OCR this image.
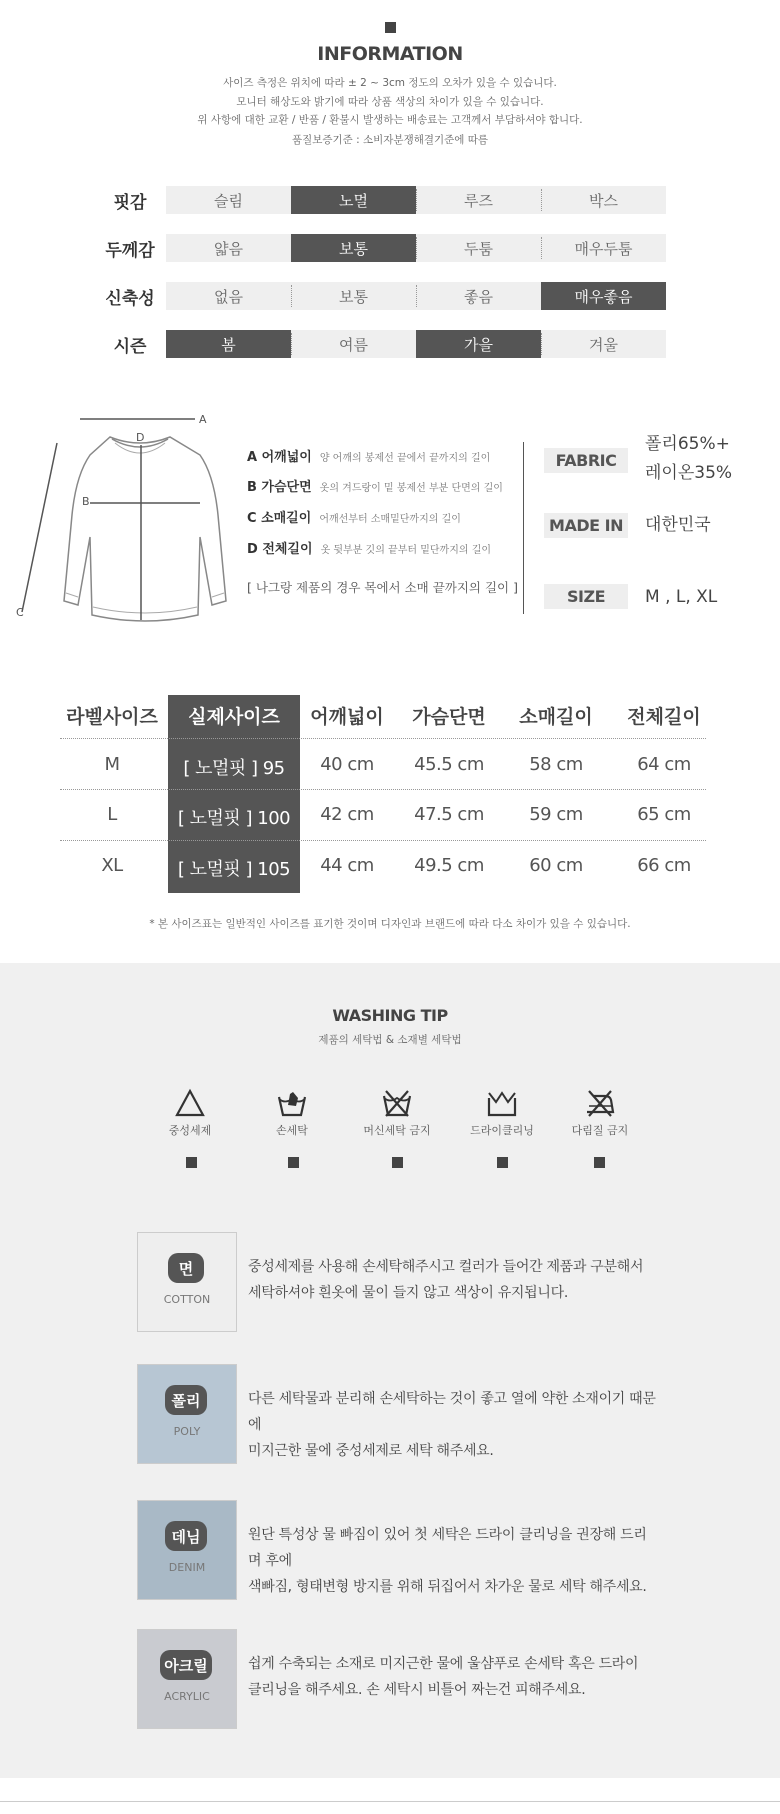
INFORMATION
사이즈 측정은 위치에 따라 ± 2 ~ 3cm 정도의 오차가 있을 수 있습니다.
모니터 해상도와 밝기에 따라 상품 색상의 차이가 있을 수 있습니다.
위 사항에 대한 교환 / 반품 / 환불시 발생하는 배송료는 고객께서 부담하셔야 합니다.
품질보증기준 : 소비자분쟁해결기준에 따름
핏감	슬림	노멀	루즈	박스
두께감	얇음	보통	두툼	매우두툼
신축성	없음	보통	좋음	매우좋음
시즌	봄	여름	가을	겨울
A
B
C
D
A 어깨넓이 양 어깨의 봉제선 끝에서 끝까지의 길이
B 가슴단면 옷의 겨드랑이 밑 봉제선 부분 단면의 길이
C 소매길이 어깨선부터 소매밑단까지의 길이
D 전체길이 옷 뒷부분 깃의 끝부터 밑단까지의 길이
[ 나그랑 제품의 경우 목에서 소매 끝까지의 길이 ]
FABRIC
폴리65%+
레이온35%
MADE IN 대한민국
SIZE	M , L, XL
라벨사이즈	실제사이즈	어깨넓이	가슴단면	소매길이	전체길이
M	[ 노멀핏 ] 95	40 cm	45.5 cm	58 cm	64 cm
L	[ 노멀핏 ] 100	42 cm	47.5 cm	59 cm	65 cm
XL	[ 노멀핏 ] 105	44 cm	49.5 cm	60 cm	66 cm
* 본 사이즈표는 일반적인 사이즈를 표기한 것이며 디자인과 브랜드에 따라 다소 차이가 있을 수 있습니다.
WASHING TIP
제품의 세탁법 & 소재별 세탁법
중성세제	손세탁	머신세탁 금지	드라이클리닝	다림질 금지
면
COTTON
중성세제를 사용해 손세탁해주시고 컬러가 들어간 제품과 구분해서
세탁하셔야 흰옷에 물이 들지 않고 색상이 유지됩니다.
폴리
POLY
다른 세탁물과 분리해 손세탁하는 것이 좋고 열에 약한 소재이기 때문에
미지근한 물에 중성세제로 세탁 해주세요.
데님
DENIM
원단 특성상 물 빠짐이 있어 첫 세탁은 드라이 클리닝을 권장해 드리며 후에
색빠짐, 형태변형 방지를 위해 뒤집어서 차가운 물로 세탁 해주세요.
아크릴
ACRYLIC
쉽게 수축되는 소재로 미지근한 물에 울샴푸로 손세탁 혹은 드라이
클리닝을 해주세요. 손 세탁시 비틀어 짜는건 피해주세요.
